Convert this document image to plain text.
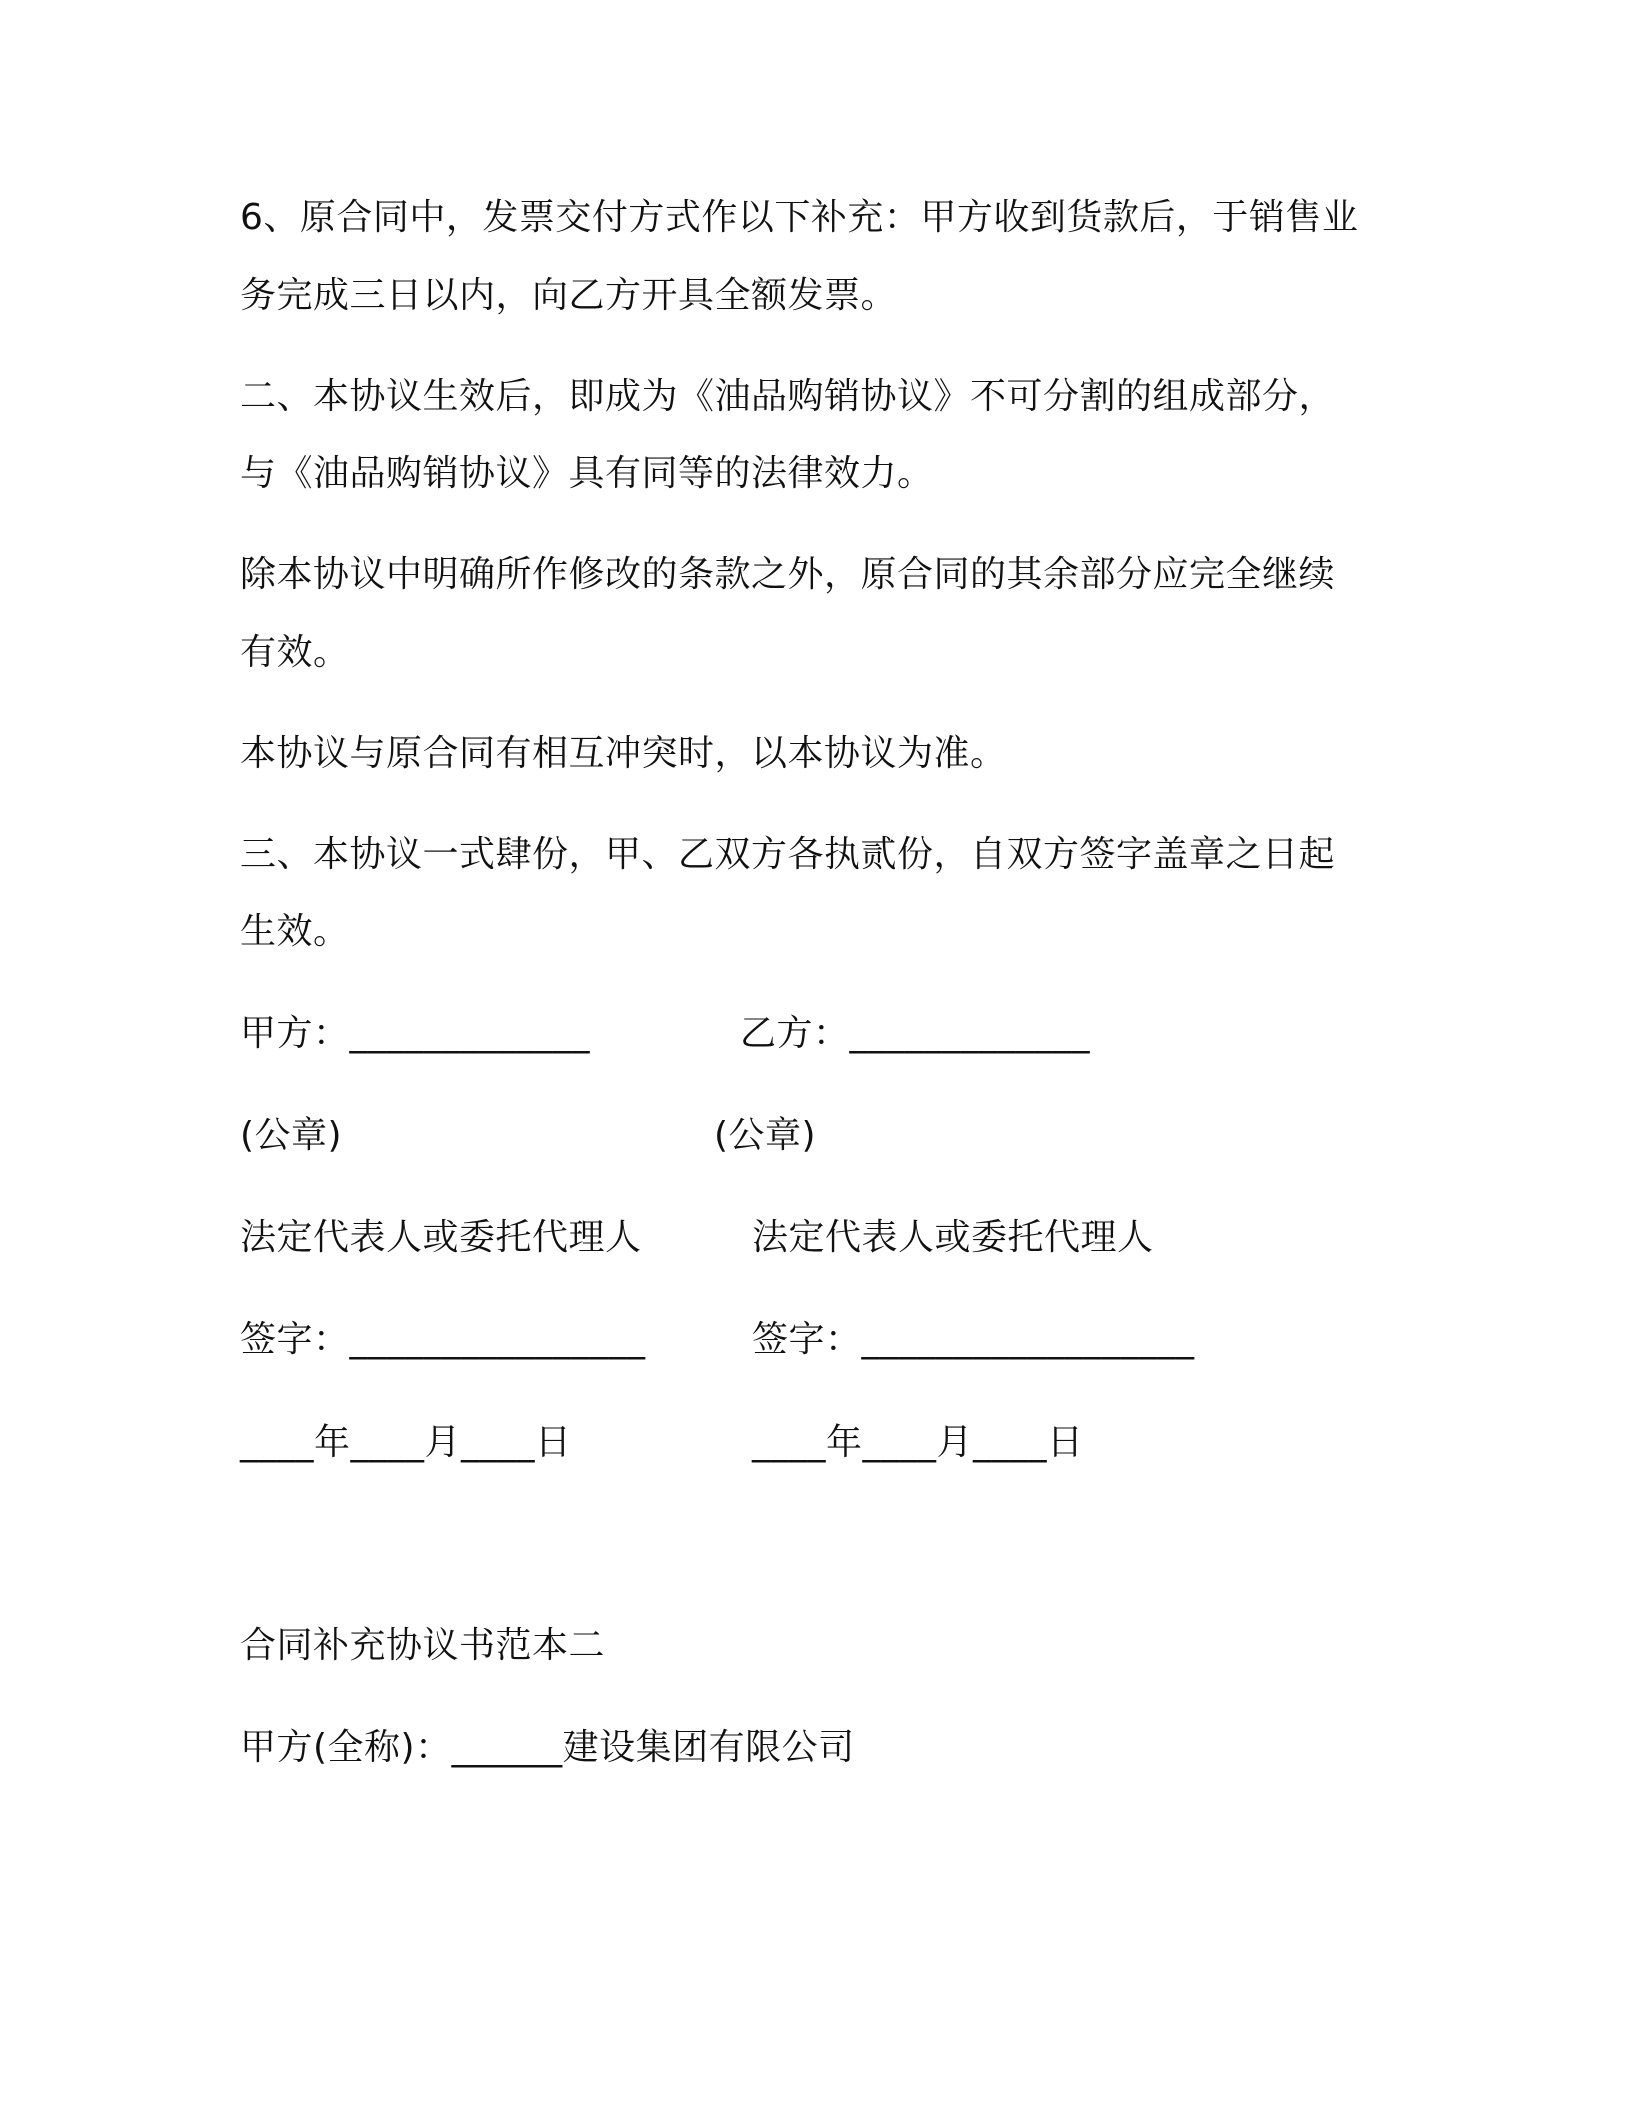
6、原合同中，发票交付方式作以下补充：甲方收到货款后，于销售业
务完成三日以内，向乙方开具全额发票。
二、本协议生效后，即成为《油品购销协议》不可分割的组成部分，
与《油品购销协议》具有同等的法律效力。
除本协议中明确所作修改的条款之外，原合同的其余部分应完全继续
有效。
本协议与原合同有相互冲突时，以本协议为准。
三、本协议一式肆份，甲、乙双方各执贰份，自双方签字盖章之日起
生效。
甲方：_____________	乙方：_____________
(公章)	(公章)
法定代表人或委托代理人	法定代表人或委托代理人
签字：________________	签字：__________________
____年____月____日	____年____月____日
合同补充协议书范本二
甲方(全称)：______建设集团有限公司
